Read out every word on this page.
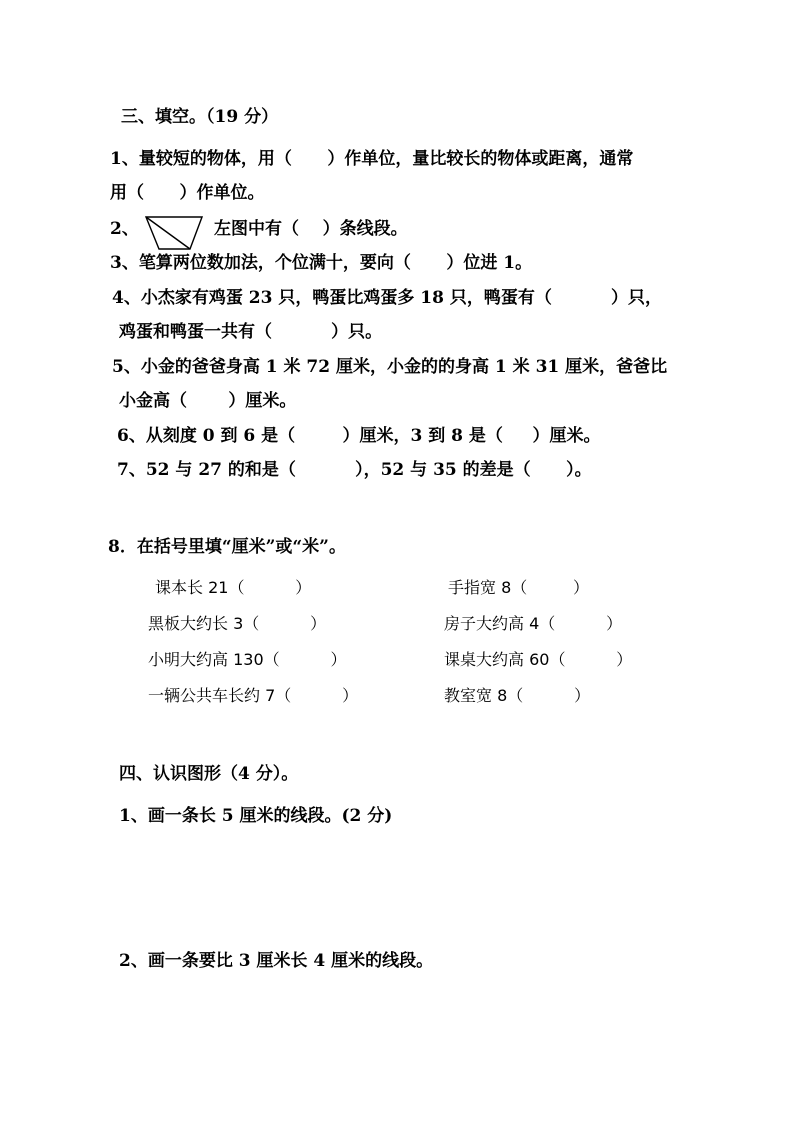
三、填空。（19 分）
1、量较短的物体，用（      ）作单位，量比较长的物体或距离，通常
用（      ）作单位。
2、	左图中有（    ）条线段。
3、笔算两位数加法，个位满十，要向（      ）位进 1。
4、小杰家有鸡蛋 23 只，鸭蛋比鸡蛋多 18 只，鸭蛋有（          ）只，
鸡蛋和鸭蛋一共有（          ）只。
5、小金的爸爸身高 1 米 72 厘米，小金的的身高 1 米 31 厘米，爸爸比
小金高（       ）厘米。
6、从刻度 0 到 6 是（        ）厘米，3 到 8 是（     ）厘米。
7、52 与 27 的和是（          ），52 与 35 的差是（      ）。
8．在括号里填“厘米”或“米”。
课本长 21（          ）	手指宽 8（         ）
黑板大约长 3（          ）	房子大约高 4（          ）
小明大约高 130（          ）	课桌大约高 60（          ）
一辆公共车长约 7（          ）	教室宽 8（          ）
四、认识图形（4 分）。
1、画一条长 5 厘米的线段。(2 分)
2、画一条要比 3 厘米长 4 厘米的线段。
